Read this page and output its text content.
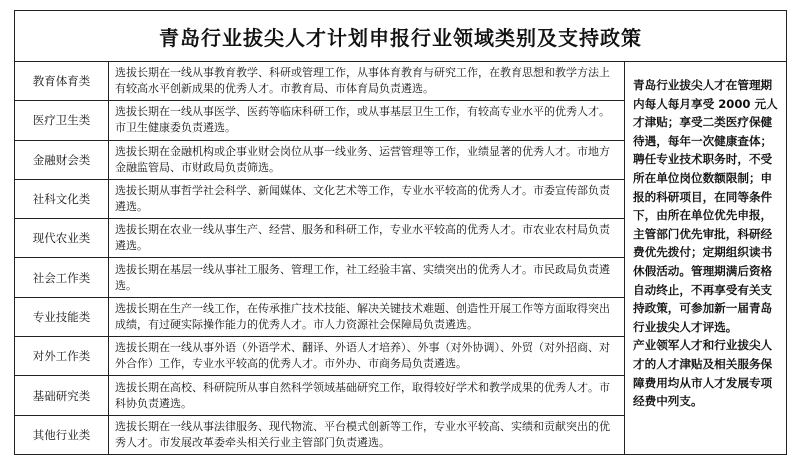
青岛行业拔尖人才计划申报行业领域类别及支持政策
教育体育类
医疗卫生类
金融财会类
社科文化类
现代农业类
社会工作类
专业技能类
对外工作类
基础研究类
其他行业类
选拔长期在一线从事教育教学、科研或管理工作，从事体育教育与研究工作，在教育思想和教学方法上有较高水平创新成果的优秀人才。市教育局、市体育局负责遴选。
选拔长期在一线从事医学、医药等临床科研工作，或从事基层卫生工作，有较高专业水平的优秀人才。市卫生健康委负责遴选。
选拔长期在金融机构或企事业财会岗位从事一线业务、运营管理等工作，业绩显著的优秀人才。市地方金融监管局、市财政局负责筛选。
选拔长期从事哲学社会科学、新闻媒体、文化艺术等工作，专业水平较高的优秀人才。市委宣传部负责遴选。
选拔长期在农业一线从事生产、经营、服务和科研工作，专业水平较高的优秀人才。市农业农村局负责遴选。
选拔长期在基层一线从事社工服务、管理工作，社工经验丰富、实绩突出的优秀人才。市民政局负责遴选。
选拔长期在生产一线工作，在传承推广技术技能、解决关键技术难题、创造性开展工作等方面取得突出成绩，有过硬实际操作能力的优秀人才。市人力资源社会保障局负责遴选。
选拔长期在一线从事外语（外语学术、翻译、外语人才培养）、外事（对外协调）、外贸（对外招商、对外合作）工作，专业水平较高的优秀人才。市外办、市商务局负责遴选。
选拔长期在高校、科研院所从事自然科学领域基础研究工作，取得较好学术和教学成果的优秀人才。市科协负责遴选。
选拔长期在一线从事法律服务、现代物流、平台模式创新等工作，专业水平较高、实绩和贡献突出的优秀人才。市发展改革委牵头相关行业主管部门负责遴选。

青岛行业拔尖人才在管理期内每人每月享受 2000 元人才津贴；享受二类医疗保健待遇，每年一次健康查体；聘任专业技术职务时，不受所在单位岗位数额限制；申报的科研项目，在同等条件下，由所在单位优先申报，主管部门优先审批，科研经费优先拨付；定期组织读书休假活动。管理期满后资格自动终止，不再享受有关支持政策，可参加新一届青岛行业拔尖人才评选。

产业领军人才和行业拔尖人才的人才津贴及相关服务保障费用均从市人才发展专项经费中列支。
